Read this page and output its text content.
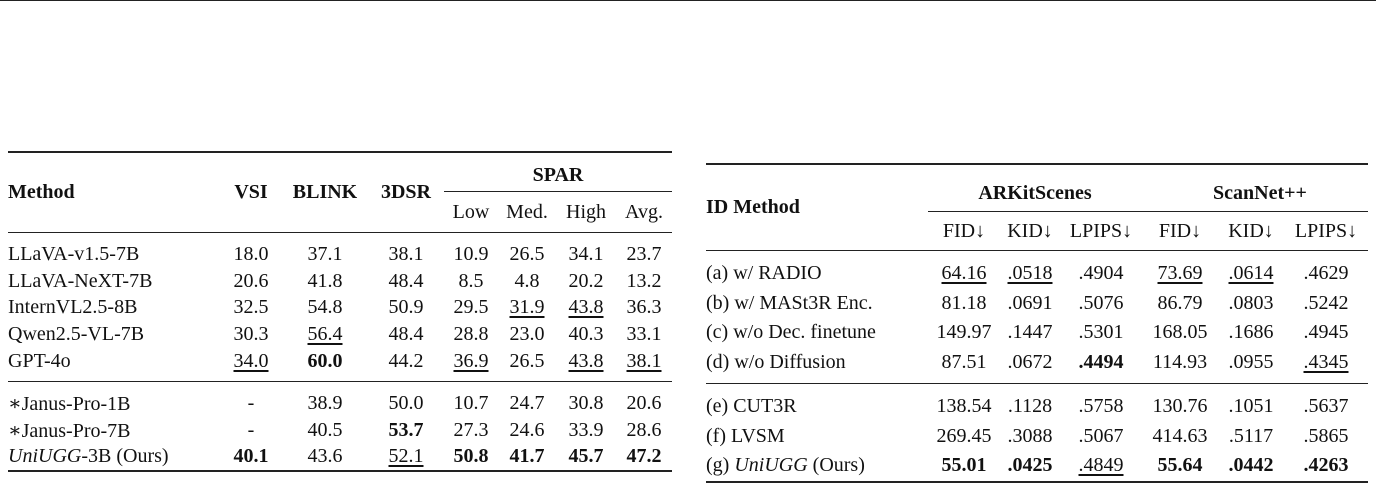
Method	VSI	BLINK	3DSR	SPAR			
				Low	Med.	High	Avg.
LLaVA-v1.5-7B	18.0	37.1	38.1	10.9	26.5	34.1	23.7
LLaVA-NeXT-7B	20.6	41.8	48.4	8.5	4.8	20.2	13.2
InternVL2.5-8B	32.5	54.8	50.9	29.5	31.9	43.8	36.3
Qwen2.5-VL-7B	30.3	56.4	48.4	28.8	23.0	40.3	33.1
GPT-4o	34.0	60.0	44.2	36.9	26.5	43.8	38.1
∗Janus-Pro-1B	-	38.9	50.0	10.7	24.7	30.8	20.6
∗Janus-Pro-7B	-	40.5	53.7	27.3	24.6	33.9	28.6
UniUGG-3B (Ours)	40.1	43.6	52.1	50.8	41.7	45.7	47.2
ID Method	ARKitScenes			ScanNet++		
	FID↓	KID↓	LPIPS↓	FID↓	KID↓	LPIPS↓
(a) w/ RADIO	64.16	.0518	.4904	73.69	.0614	.4629
(b) w/ MASt3R Enc.	81.18	.0691	.5076	86.79	.0803	.5242
(c) w/o Dec. finetune	149.97	.1447	.5301	168.05	.1686	.4945
(d) w/o Diffusion	87.51	.0672	.4494	114.93	.0955	.4345
(e) CUT3R	138.54	.1128	.5758	130.76	.1051	.5637
(f) LVSM	269.45	.3088	.5067	414.63	.5117	.5865
(g) UniUGG (Ours)	55.01	.0425	.4849	55.64	.0442	.4263
